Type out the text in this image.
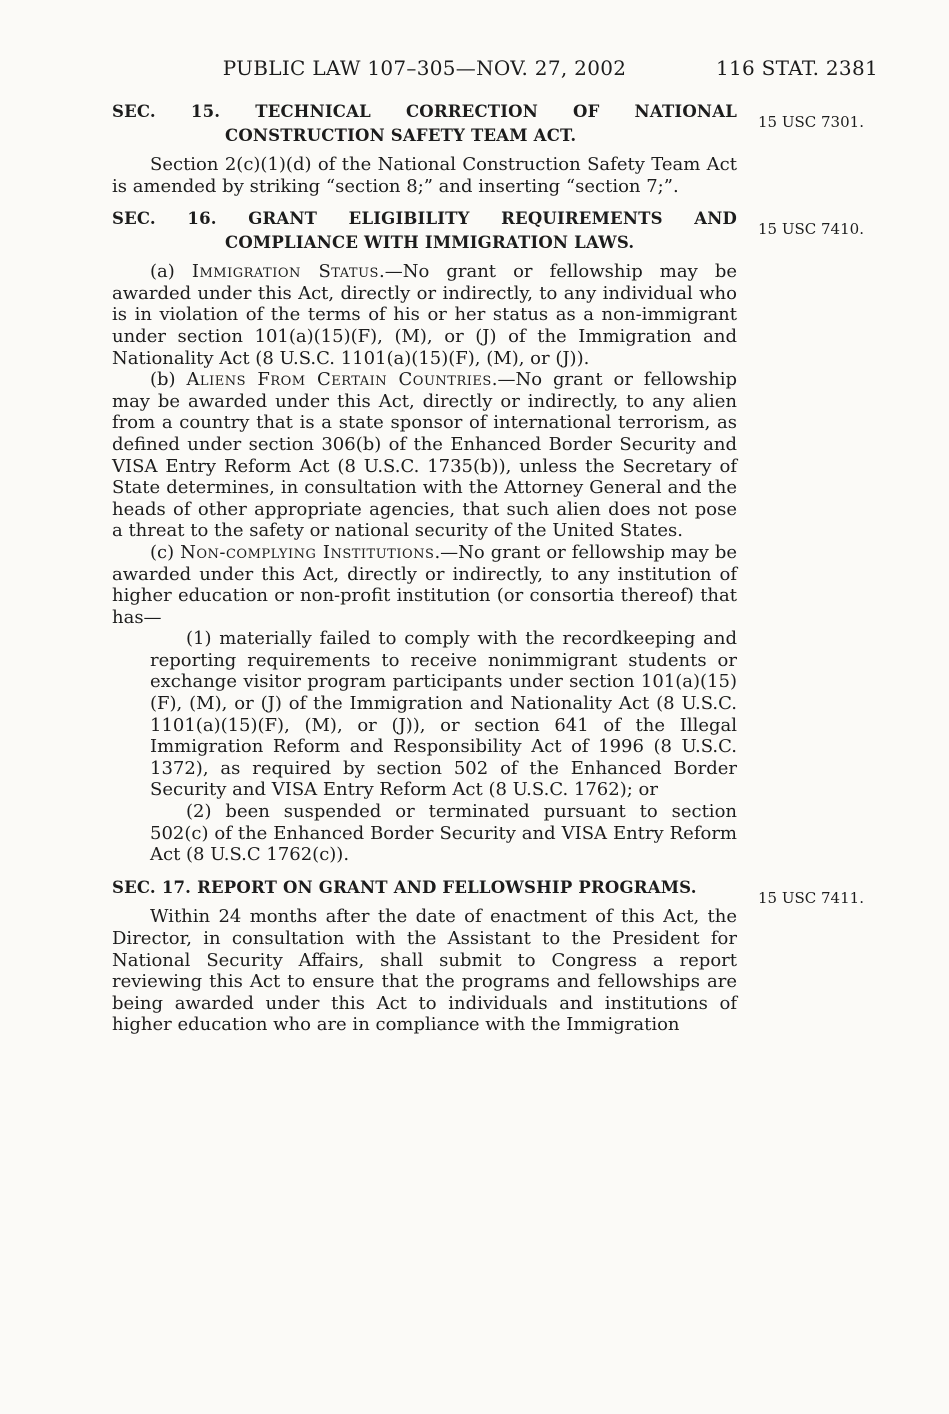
PUBLIC LAW 107–305—NOV. 27, 2002	116 STAT. 2381
SEC. 15. TECHNICAL CORRECTION OF NATIONAL CONSTRUCTION SAFETY TEAM ACT.
15 USC 7301.

Section 2(c)(1)(d) of the National Construction Safety Team Act is amended by striking “section 8;” and inserting “section 7;”.

SEC. 16. GRANT ELIGIBILITY REQUIREMENTS AND COMPLIANCE WITH IMMIGRATION LAWS.
15 USC 7410.

(a) Immigration Status.—No grant or fellowship may be awarded under this Act, directly or indirectly, to any individual who is in violation of the terms of his or her status as a non-immigrant under section 101(a)(15)(F), (M), or (J) of the Immigration and Nationality Act (8 U.S.C. 1101(a)(15)(F), (M), or (J)).

(b) Aliens From Certain Countries.—No grant or fellowship may be awarded under this Act, directly or indirectly, to any alien from a country that is a state sponsor of international terrorism, as defined under section 306(b) of the Enhanced Border Security and VISA Entry Reform Act (8 U.S.C. 1735(b)), unless the Secretary of State determines, in consultation with the Attorney General and the heads of other appropriate agencies, that such alien does not pose a threat to the safety or national security of the United States.

(c) Non-complying Institutions.—No grant or fellowship may be awarded under this Act, directly or indirectly, to any institution of higher education or non-profit institution (or consortia thereof) that has—

(1) materially failed to comply with the recordkeeping and reporting requirements to receive nonimmigrant students or exchange visitor program participants under section 101(a)(15)(F), (M), or (J) of the Immigration and Nationality Act (8 U.S.C. 1101(a)(15)(F), (M), or (J)), or section 641 of the Illegal Immigration Reform and Responsibility Act of 1996 (8 U.S.C. 1372), as required by section 502 of the Enhanced Border Security and VISA Entry Reform Act (8 U.S.C. 1762); or

(2) been suspended or terminated pursuant to section 502(c) of the Enhanced Border Security and VISA Entry Reform Act (8 U.S.C 1762(c)).

SEC. 17. REPORT ON GRANT AND FELLOWSHIP PROGRAMS.
15 USC 7411.

Within 24 months after the date of enactment of this Act, the Director, in consultation with the Assistant to the President for National Security Affairs, shall submit to Congress a report reviewing this Act to ensure that the programs and fellowships are being awarded under this Act to individuals and institutions of higher education who are in compliance with the Immigration
